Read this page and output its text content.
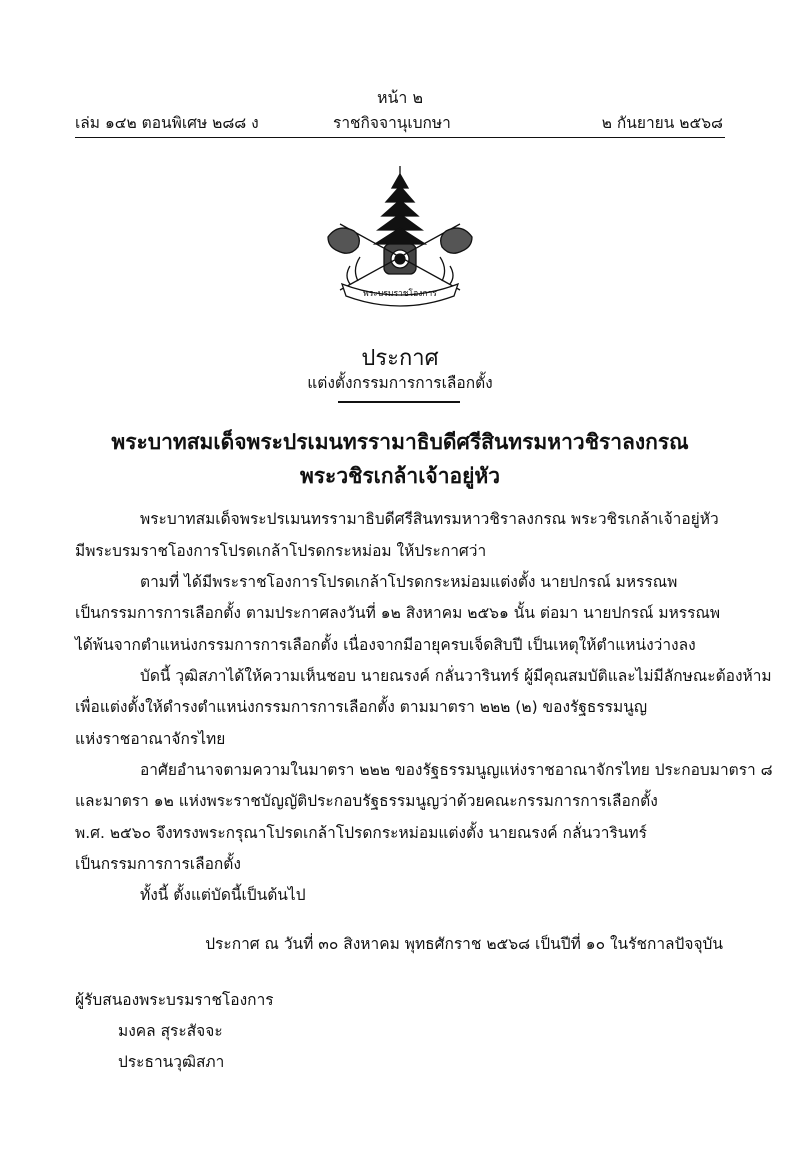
หน้า ๒
เล่ม ๑๔๒ ตอนพิเศษ ๒๘๘ ง	ราชกิจจานุเบกษา	๒ กันยายน ๒๕๖๘
พระบรมราชโองการ
ประกาศ
แต่งตั้งกรรมการการเลือกตั้ง
พระบาทสมเด็จพระปรเมนทรรามาธิบดีศรีสินทรมหาวชิราลงกรณ
พระวชิรเกล้าเจ้าอยู่หัว
พระบาทสมเด็จพระปรเมนทรรามาธิบดีศรีสินทรมหาวชิราลงกรณ พระวชิรเกล้าเจ้าอยู่หัว
มีพระบรมราชโองการโปรดเกล้าโปรดกระหม่อม ให้ประกาศว่า
ตามที่ ได้มีพระราชโองการโปรดเกล้าโปรดกระหม่อมแต่งตั้ง นายปกรณ์ มหรรณพ
เป็นกรรมการการเลือกตั้ง ตามประกาศลงวันที่ ๑๒ สิงหาคม ๒๕๖๑ นั้น ต่อมา นายปกรณ์ มหรรณพ
ได้พ้นจากตำแหน่งกรรมการการเลือกตั้ง เนื่องจากมีอายุครบเจ็ดสิบปี เป็นเหตุให้ตำแหน่งว่างลง
บัดนี้ วุฒิสภาได้ให้ความเห็นชอบ นายณรงค์ กลั่นวารินทร์ ผู้มีคุณสมบัติและไม่มีลักษณะต้องห้าม
เพื่อแต่งตั้งให้ดำรงตำแหน่งกรรมการการเลือกตั้ง ตามมาตรา ๒๒๒ (๒) ของรัฐธรรมนูญ
แห่งราชอาณาจักรไทย
อาศัยอำนาจตามความในมาตรา ๒๒๒ ของรัฐธรรมนูญแห่งราชอาณาจักรไทย ประกอบมาตรา ๘
และมาตรา ๑๒ แห่งพระราชบัญญัติประกอบรัฐธรรมนูญว่าด้วยคณะกรรมการการเลือกตั้ง
พ.ศ. ๒๕๖๐ จึงทรงพระกรุณาโปรดเกล้าโปรดกระหม่อมแต่งตั้ง นายณรงค์ กลั่นวารินทร์
เป็นกรรมการการเลือกตั้ง
ทั้งนี้ ตั้งแต่บัดนี้เป็นต้นไป
ประกาศ ณ วันที่ ๓๐ สิงหาคม พุทธศักราช ๒๕๖๘ เป็นปีที่ ๑๐ ในรัชกาลปัจจุบัน
ผู้รับสนองพระบรมราชโองการ
มงคล สุระสัจจะ
ประธานวุฒิสภา
